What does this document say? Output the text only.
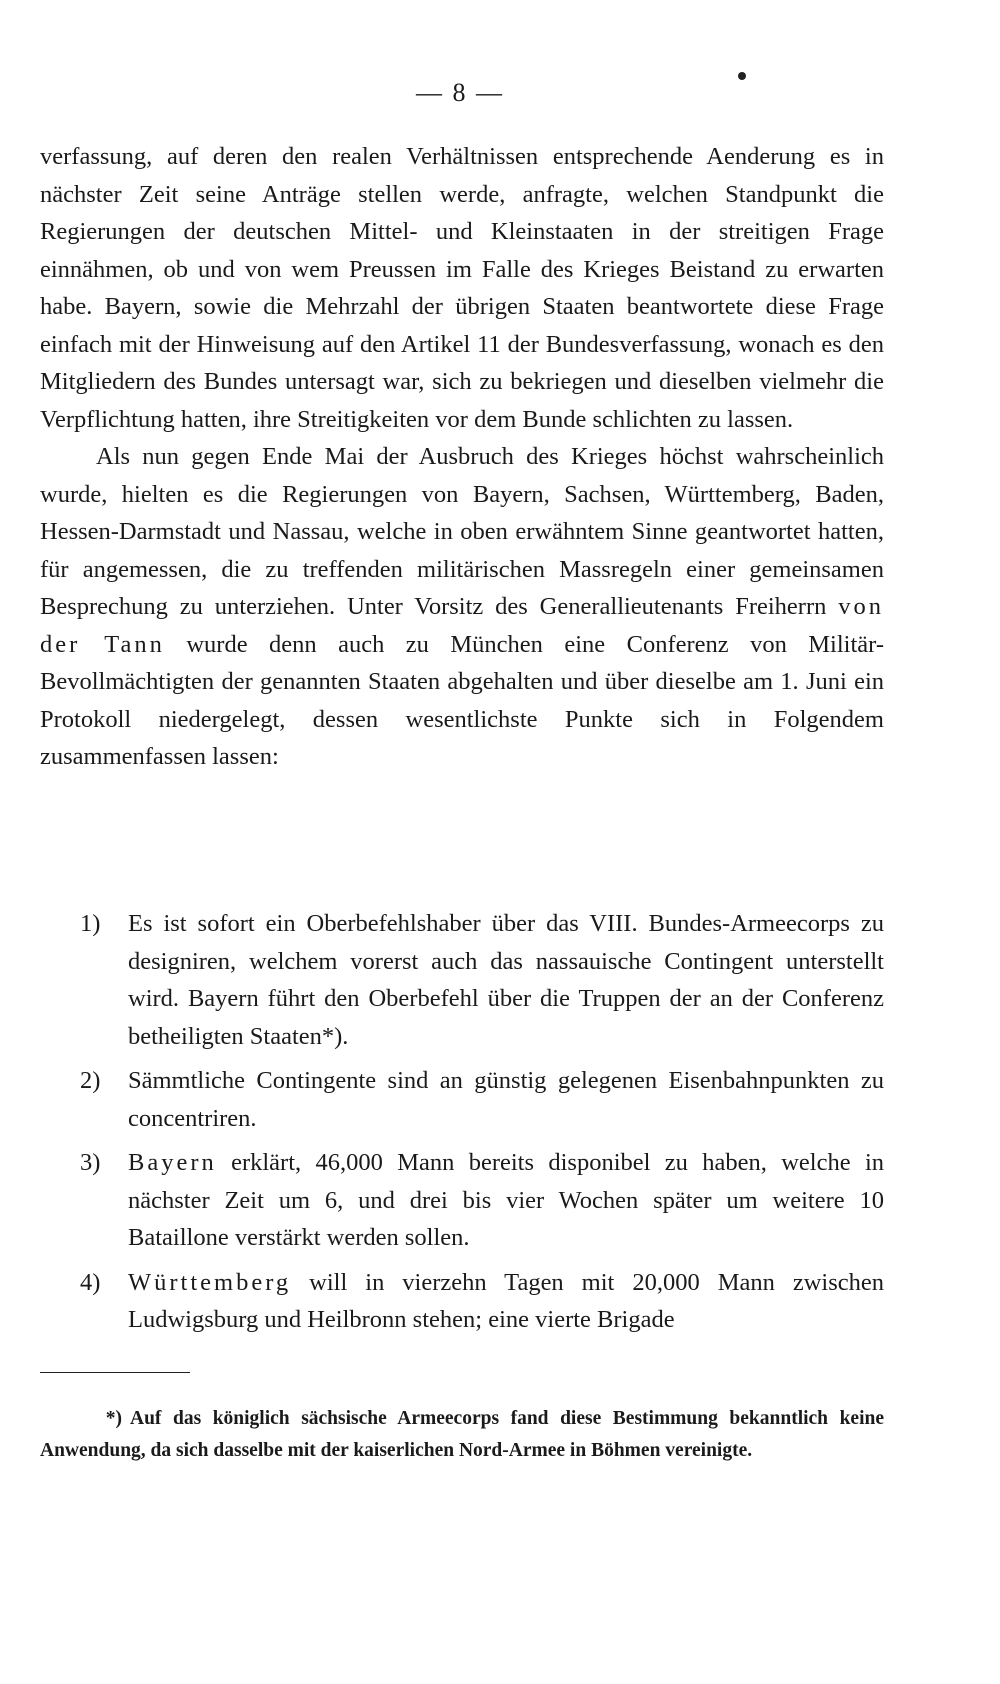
— 8 —

verfassung, auf deren den realen Verhältnissen entsprechende Aenderung es in nächster Zeit seine Anträge stellen werde, anfragte, welchen Standpunkt die Regierungen der deutschen Mittel- und Kleinstaaten in der streitigen Frage einnähmen, ob und von wem Preussen im Falle des Krieges Beistand zu erwarten habe. Bayern, sowie die Mehrzahl der übrigen Staaten beantwortete diese Frage einfach mit der Hinweisung auf den Artikel 11 der Bundesverfassung, wonach es den Mitgliedern des Bundes untersagt war, sich zu bekriegen und dieselben vielmehr die Verpflichtung hatten, ihre Streitigkeiten vor dem Bunde schlichten zu lassen.

Als nun gegen Ende Mai der Ausbruch des Krieges höchst wahrscheinlich wurde, hielten es die Regierungen von Bayern, Sachsen, Württemberg, Baden, Hessen-Darmstadt und Nassau, welche in oben erwähntem Sinne geantwortet hatten, für angemessen, die zu treffenden militärischen Massregeln einer gemeinsamen Besprechung zu unterziehen. Unter Vorsitz des Generallieutenants Freiherrn von der Tann wurde denn auch zu München eine Conferenz von Militär-Bevollmächtigten der genannten Staaten abgehalten und über dieselbe am 1. Juni ein Protokoll niedergelegt, dessen wesentlichste Punkte sich in Folgendem zusammenfassen lassen:

1) Es ist sofort ein Oberbefehlshaber über das VIII. Bundes-Armeecorps zu designiren, welchem vorerst auch das nassauische Contingent unterstellt wird. Bayern führt den Oberbefehl über die Truppen der an der Conferenz betheiligten Staaten*).
2) Sämmtliche Contingente sind an günstig gelegenen Eisenbahnpunkten zu concentriren.
3) Bayern erklärt, 46,000 Mann bereits disponibel zu haben, welche in nächster Zeit um 6, und drei bis vier Wochen später um weitere 10 Bataillone verstärkt werden sollen.
4) Württemberg will in vierzehn Tagen mit 20,000 Mann zwischen Ludwigsburg und Heilbronn stehen; eine vierte Brigade
*) Auf das königlich sächsische Armeecorps fand diese Bestimmung bekanntlich keine Anwendung, da sich dasselbe mit der kaiserlichen Nord-Armee in Böhmen vereinigte.
